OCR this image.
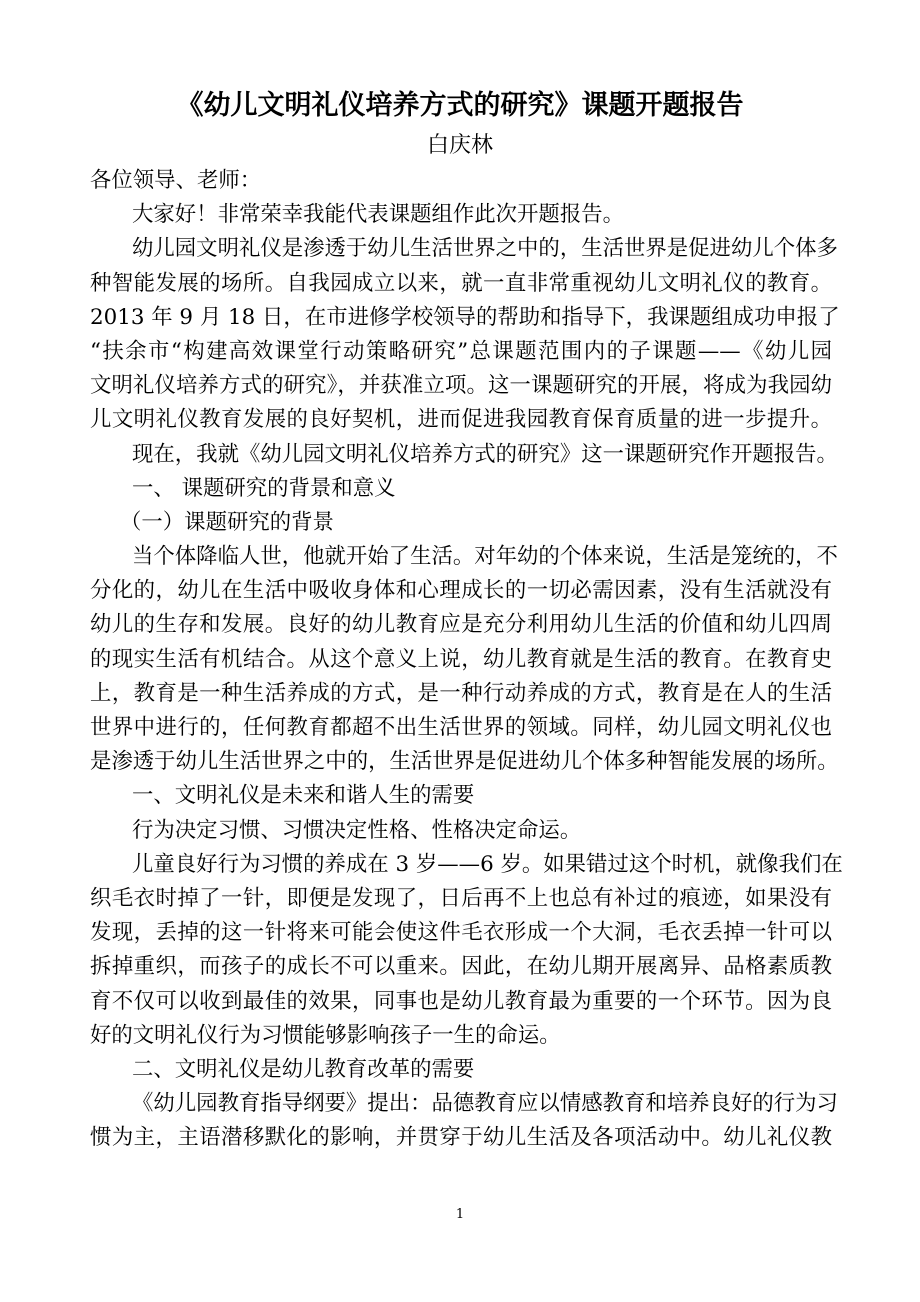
《幼儿文明礼仪培养方式的研究》课题开题报告
白庆林
各位领导、老师：
大家好！非常荣幸我能代表课题组作此次开题报告。
幼儿园文明礼仪是渗透于幼儿生活世界之中的，生活世界是促进幼儿个体多
种智能发展的场所。自我园成立以来，就一直非常重视幼儿文明礼仪的教育。
2013 年 9 月 18 日，在市进修学校领导的帮助和指导下，我课题组成功申报了
“扶余市“构建高效课堂行动策略研究”总课题范围内的子课题——《幼儿园
文明礼仪培养方式的研究》，并获准立项。这一课题研究的开展，将成为我园幼
儿文明礼仪教育发展的良好契机，进而促进我园教育保育质量的进一步提升。
现在，我就《幼儿园文明礼仪培养方式的研究》这一课题研究作开题报告。
一、 课题研究的背景和意义
（一）课题研究的背景
当个体降临人世，他就开始了生活。对年幼的个体来说，生活是笼统的，不
分化的，幼儿在生活中吸收身体和心理成长的一切必需因素，没有生活就没有
幼儿的生存和发展。良好的幼儿教育应是充分利用幼儿生活的价值和幼儿四周
的现实生活有机结合。从这个意义上说，幼儿教育就是生活的教育。在教育史
上，教育是一种生活养成的方式，是一种行动养成的方式，教育是在人的生活
世界中进行的，任何教育都超不出生活世界的领域。同样，幼儿园文明礼仪也
是渗透于幼儿生活世界之中的，生活世界是促进幼儿个体多种智能发展的场所。
一、文明礼仪是未来和谐人生的需要
行为决定习惯、习惯决定性格、性格决定命运。
儿童良好行为习惯的养成在 3 岁——6 岁。如果错过这个时机，就像我们在
织毛衣时掉了一针，即便是发现了，日后再不上也总有补过的痕迹，如果没有
发现，丢掉的这一针将来可能会使这件毛衣形成一个大洞，毛衣丢掉一针可以
拆掉重织，而孩子的成长不可以重来。因此，在幼儿期开展离异、品格素质教
育不仅可以收到最佳的效果，同事也是幼儿教育最为重要的一个环节。因为良
好的文明礼仪行为习惯能够影响孩子一生的命运。
二、文明礼仪是幼儿教育改革的需要
《幼儿园教育指导纲要》提出：品德教育应以情感教育和培养良好的行为习
惯为主，主语潜移默化的影响，并贯穿于幼儿生活及各项活动中。幼儿礼仪教
1
